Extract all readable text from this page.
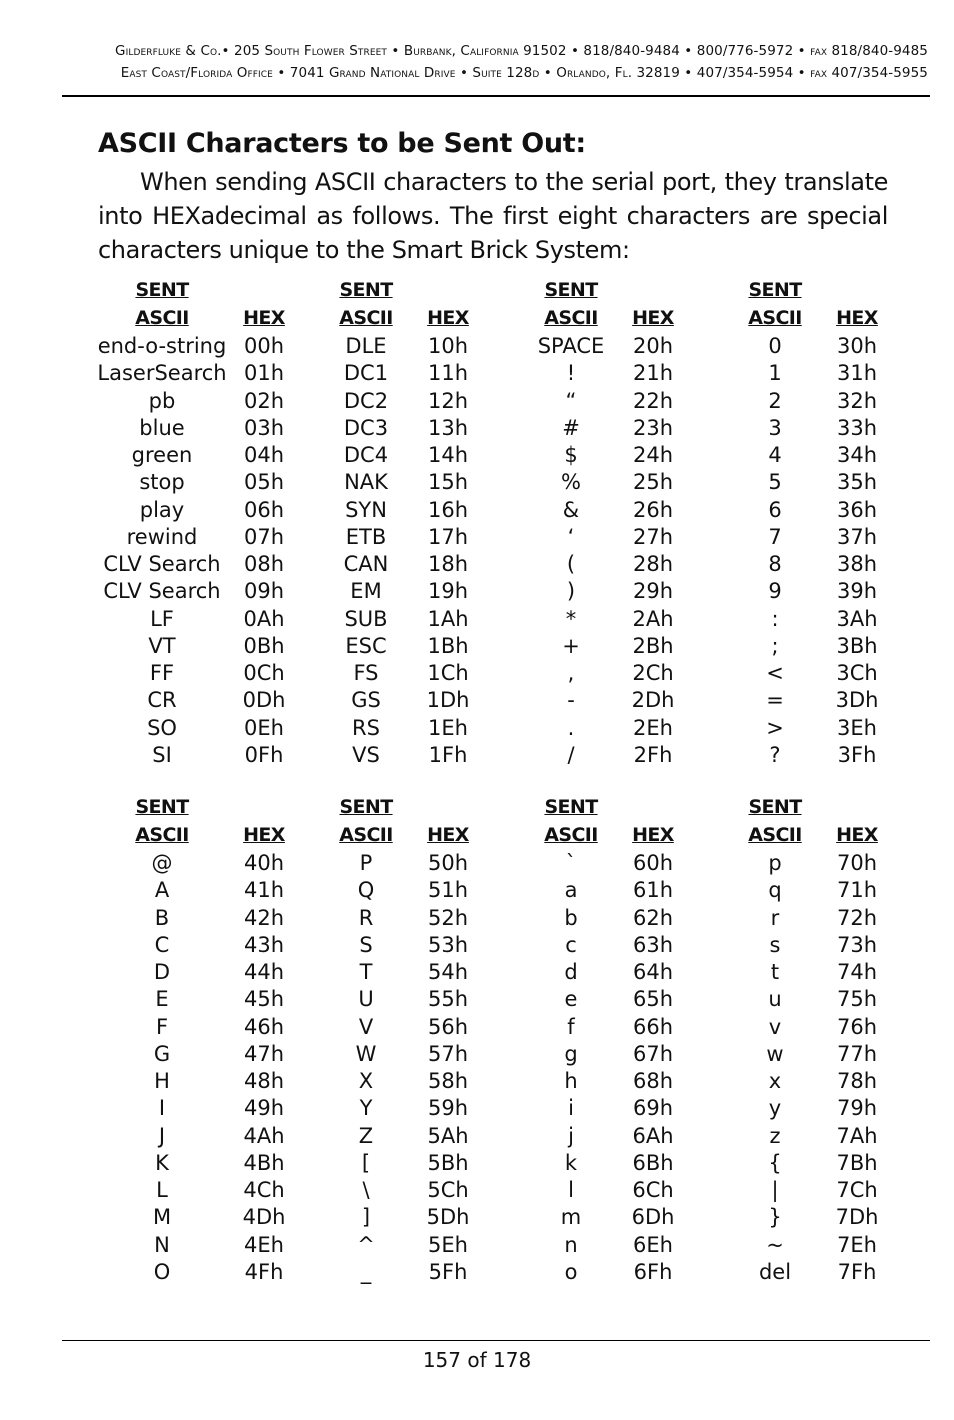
Gilderfluke & Co.• 205 South Flower Street • Burbank, California 91502 • 818/840-9484 • 800/776-5972 • fax 818/840-9485
East Coast/Florida Office • 7041 Grand National Drive • Suite 128d • Orlando, Fl. 32819 • 407/354-5954 • fax 407/354-5955
ASCII Characters to be Sent Out:
When sending ASCII characters to the serial port, they translate into HEXadecimal as follows. The first eight characters are special characters unique to the Smart Brick System:
SENT
ASCII	HEX
end-o-string 00h
LaserSearch 01h
pb	02h
blue	03h
green	04h
stop	05h
play	06h
rewind	07h
CLV Search	08h
CLV Search	09h
LF	0Ah
VT	0Bh
FF	0Ch
CR	0Dh
SO	0Eh
SI	0Fh
SENT
ASCII	HEX
DLE	10h
DC1	11h
DC2	12h
DC3	13h
DC4	14h
NAK	15h
SYN	16h
ETB	17h
CAN	18h
EM	19h
SUB	1Ah
ESC	1Bh
FS	1Ch
GS	1Dh
RS	1Eh
VS	1Fh
SENT
ASCII	HEX
SPACE	20h
!	21h
“	22h
#	23h
$	24h
%	25h
&	26h
‘	27h
(	28h
)	29h
*	2Ah
+	2Bh
,	2Ch
-	2Dh
.	2Eh
/	2Fh
SENT
ASCII	HEX
0	30h
1	31h
2	32h
3	33h
4	34h
5	35h
6	36h
7	37h
8	38h
9	39h
:	3Ah
;	3Bh
<	3Ch
=	3Dh
>	3Eh
?	3Fh
SENT
ASCII	HEX
@	40h
A	41h
B	42h
C	43h
D	44h
E	45h
F	46h
G	47h
H	48h
I	49h
J	4Ah
K	4Bh
L	4Ch
M	4Dh
N	4Eh
O	4Fh
SENT
ASCII	HEX
P	50h
Q	51h
R	52h
S	53h
T	54h
U	55h
V	56h
W	57h
X	58h
Y	59h
Z	5Ah
[	5Bh
\	5Ch
]	5Dh
^	5Eh
_	5Fh
SENT
ASCII	HEX
`	60h
a	61h
b	62h
c	63h
d	64h
e	65h
f	66h
g	67h
h	68h
i	69h
j	6Ah
k	6Bh
l	6Ch
m	6Dh
n	6Eh
o	6Fh
SENT
ASCII	HEX
p	70h
q	71h
r	72h
s	73h
t	74h
u	75h
v	76h
w	77h
x	78h
y	79h
z	7Ah
{	7Bh
|	7Ch
}	7Dh
~	7Eh
del	7Fh
157 of 178
